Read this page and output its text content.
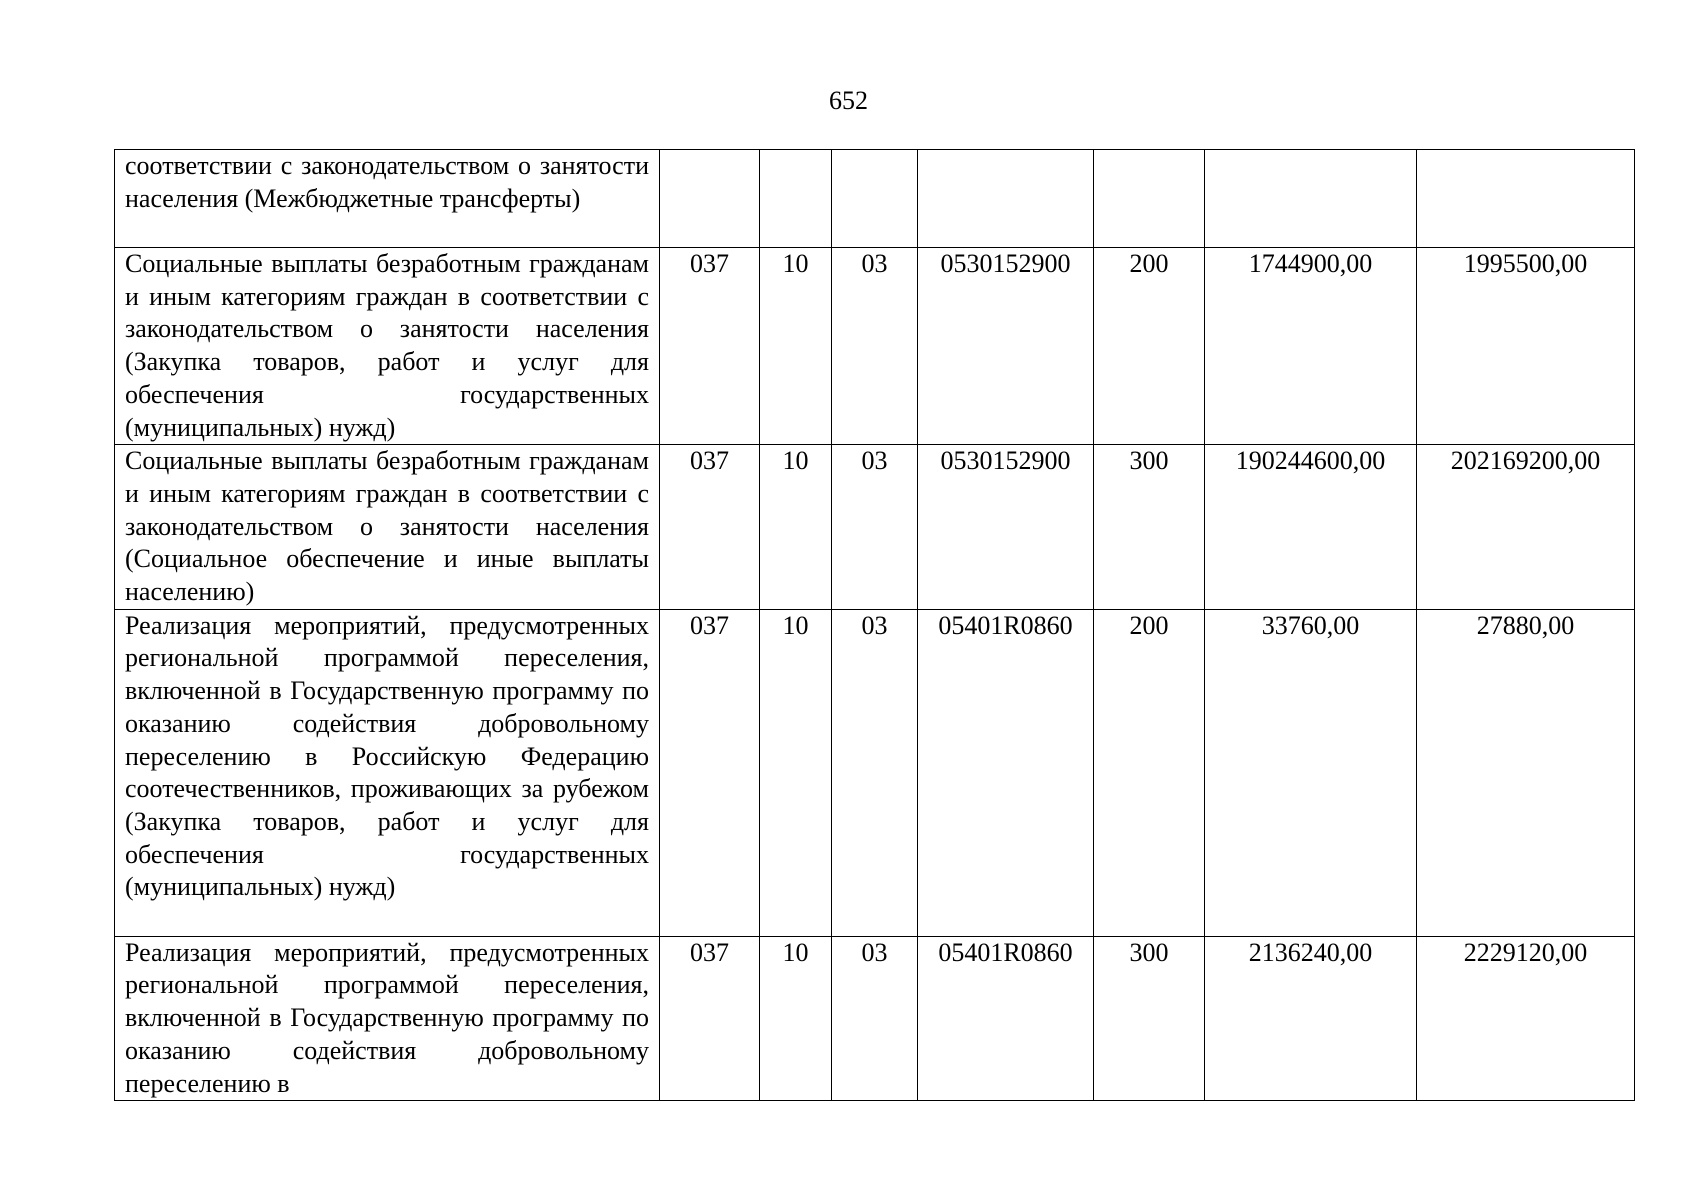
652
соответствии с законодательством о занятости населения (Межбюджетные трансферты)							

Социальные выплаты безработным гражданам и иным категориям граждан в соответствии с законодательством о занятости населения (Закупка товаров, работ и услуг для обеспечения государственных (муниципальных) нужд)	037	10	03	0530152900	200	1744900,00	1995500,00

Социальные выплаты безработным гражданам и иным категориям граждан в соответствии с законодательством о занятости населения (Социальное обеспечение и иные выплаты населению)	037	10	03	0530152900	300	190244600,00	202169200,00

Реализация мероприятий, предусмотренных региональной программой переселения, включенной в Государственную программу по оказанию содействия добровольному переселению в Российскую Федерацию соотечественников, проживающих за рубежом (Закупка товаров, работ и услуг для обеспечения государственных (муниципальных) нужд)	037	10	03	05401R0860	200	33760,00	27880,00

Реализация мероприятий, предусмотренных региональной программой переселения, включенной в Государственную программу по оказанию содействия добровольному переселению в	037	10	03	05401R0860	300	2136240,00	2229120,00
